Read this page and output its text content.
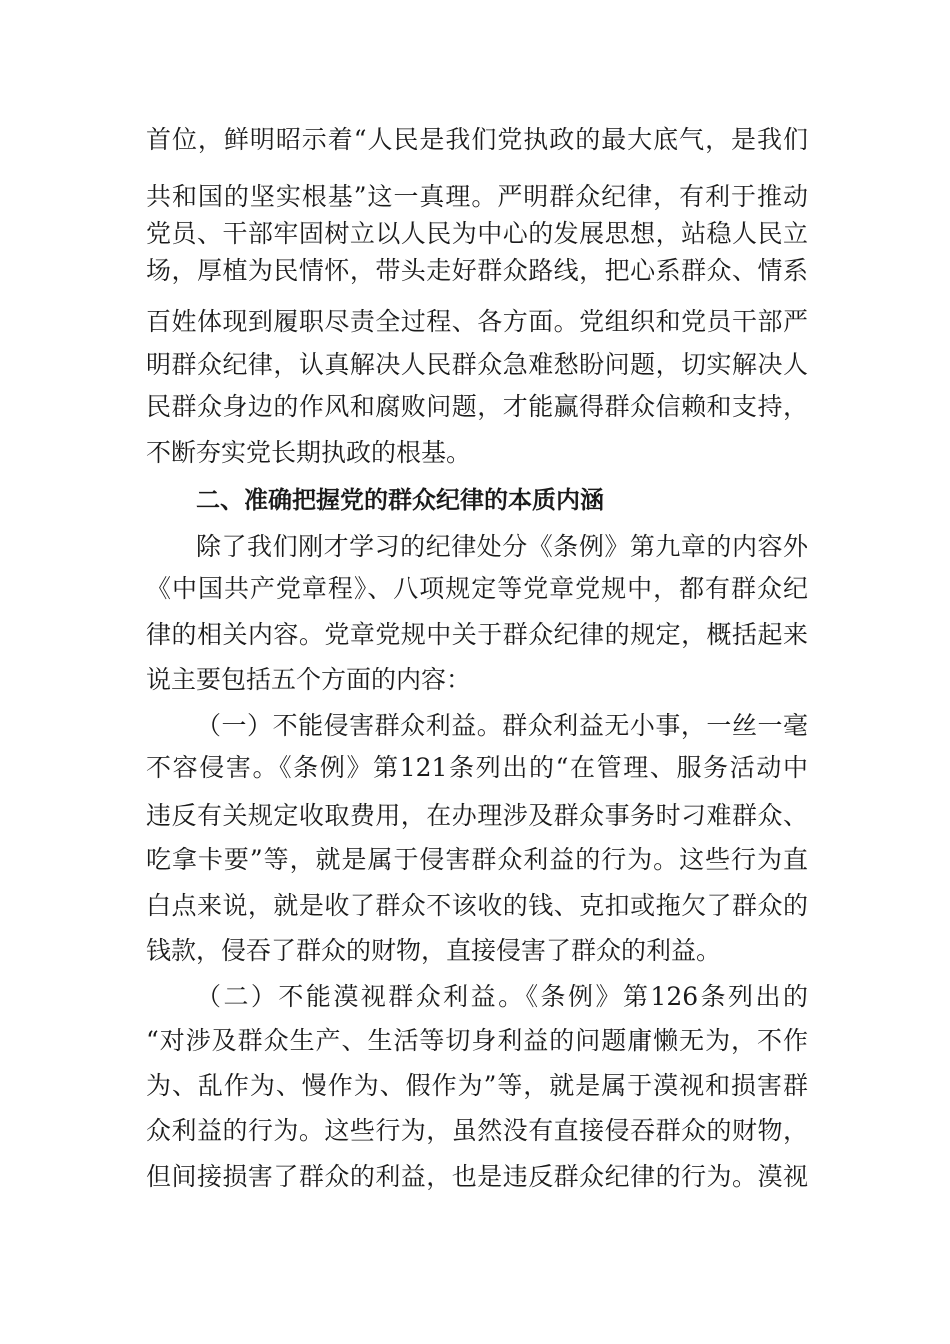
首位，鲜明昭示着“人民是我们党执政的最大底气，是我们

共和国的坚实根基”这一真理。严明群众纪律，有利于推动

党员、干部牢固树立以人民为中心的发展思想，站稳人民立

场，厚植为民情怀，带头走好群众路线，把心系群众、情系

百姓体现到履职尽责全过程、各方面。党组织和党员干部严

明群众纪律，认真解决人民群众急难愁盼问题，切实解决人

民群众身边的作风和腐败问题，才能赢得群众信赖和支持，

不断夯实党长期执政的根基。

二、准确把握党的群众纪律的本质内涵

除了我们刚才学习的纪律处分《条例》第九章的内容外

《中国共产党章程》、八项规定等党章党规中，都有群众纪

律的相关内容。党章党规中关于群众纪律的规定，概括起来

说主要包括五个方面的内容：

（一）不能侵害群众利益。群众利益无小事，一丝一毫

不容侵害。《条例》第121条列出的“在管理、服务活动中

违反有关规定收取费用，在办理涉及群众事务时刁难群众、

吃拿卡要”等，就是属于侵害群众利益的行为。这些行为直

白点来说，就是收了群众不该收的钱、克扣或拖欠了群众的

钱款，侵吞了群众的财物，直接侵害了群众的利益。

（二）不能漠视群众利益。《条例》第126条列出的

“对涉及群众生产、生活等切身利益的问题庸懒无为，不作

为、乱作为、慢作为、假作为”等，就是属于漠视和损害群

众利益的行为。这些行为，虽然没有直接侵吞群众的财物，

但间接损害了群众的利益，也是违反群众纪律的行为。漠视
